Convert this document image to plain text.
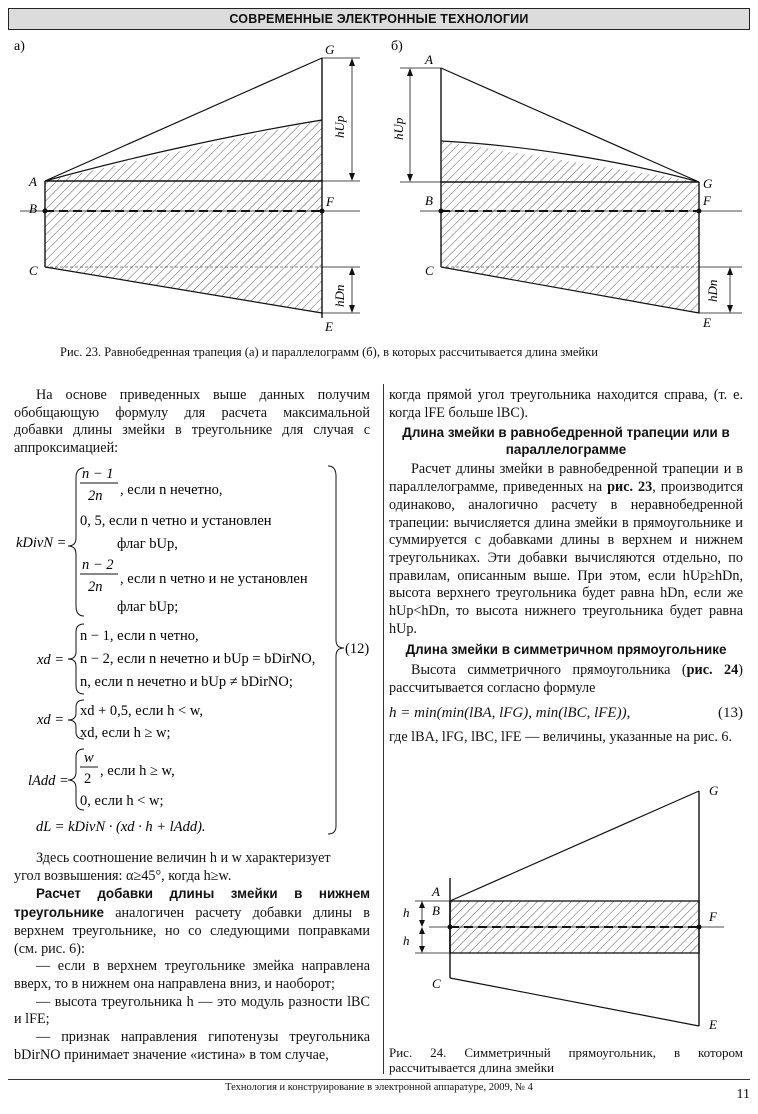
СОВРЕМЕННЫЕ ЭЛЕКТРОННЫЕ ТЕХНОЛОГИИ
а)
A
B
C
G
F
E
hUp
hDn
б)
A
B
C
G
F
E
hUp
hDn
Рис. 23. Равнобедренная трапеция (а) и параллелограмм (б), в которых рассчитывается длина змейки

На основе приведенных выше данных получим обобщающую формулу для расчета максимальной добавки длины змейки в треугольнике для случая с аппроксимацией:

(12)
kDivN =
n − 1
2n , если n нечетно,
0, 5, если n четно и установлен
флаг bUp,
n − 2
2n , если n четно и не установлен
флаг bUp;
xd =
n − 1, если n четно,
n − 2, если n нечетно и bUp = bDirNO,
n, если n нечетно и bUp ≠ bDirNO;
xd =
xd + 0,5, если h < w,
xd, если h ≥ w;
lAdd =
w
2 , если h ≥ w,
0, если h < w;
dL = kDivN · (xd · h + lAdd).

Здесь соотношение величин h и w характеризует

угол возвышения: α≥45°, когда h≥w.

Расчет добавки длины змейки в нижнем треугольнике аналогичен расчету добавки длины в верхнем треугольнике, но со следующими поправками (см. рис. 6):

— если в верхнем треугольнике змейка направлена вверх, то в нижнем она направлена вниз, и наоборот;

— высота треугольника h — это модуль разности lBC и lFE;

— признак направления гипотенузы треугольника bDirNO принимает значение «истина» в том случае,

когда прямой угол треугольника находится справа, (т. е. когда lFE больше lBC).

Длина змейки в равнобедренной трапеции или в параллелограмме

Расчет длины змейки в равнобедренной трапеции и в параллелограмме, приведенных на рис. 23, производится одинаково, аналогично расчету в неравнобедренной трапеции: вычисляется длина змейки в прямоугольнике и суммируется с добавками длины в верхнем и нижнем треугольниках. Эти добавки вычисляются отдельно, по правилам, описанным выше. При этом, если hUp≥hDn, высота верхнего треугольника будет равна hDn, если же hUp<hDn, то высота нижнего треугольника будет равна hUp.

Длина змейки в симметричном прямоугольнике

Высота симметричного прямоугольника (рис. 24) рассчитывается согласно формуле

h = min(min(lBA, lFG), min(lBC, lFE)),	(13)

где lBA, lFG, lBC, lFE — величины, указанные на рис. 6.

A
B
C
G
F
E
h
h
Рис. 24. Симметричный прямоугольник, в котором рассчитывается длина змейки
Технология и конструирование в электронной аппаратуре, 2009, № 4	11
